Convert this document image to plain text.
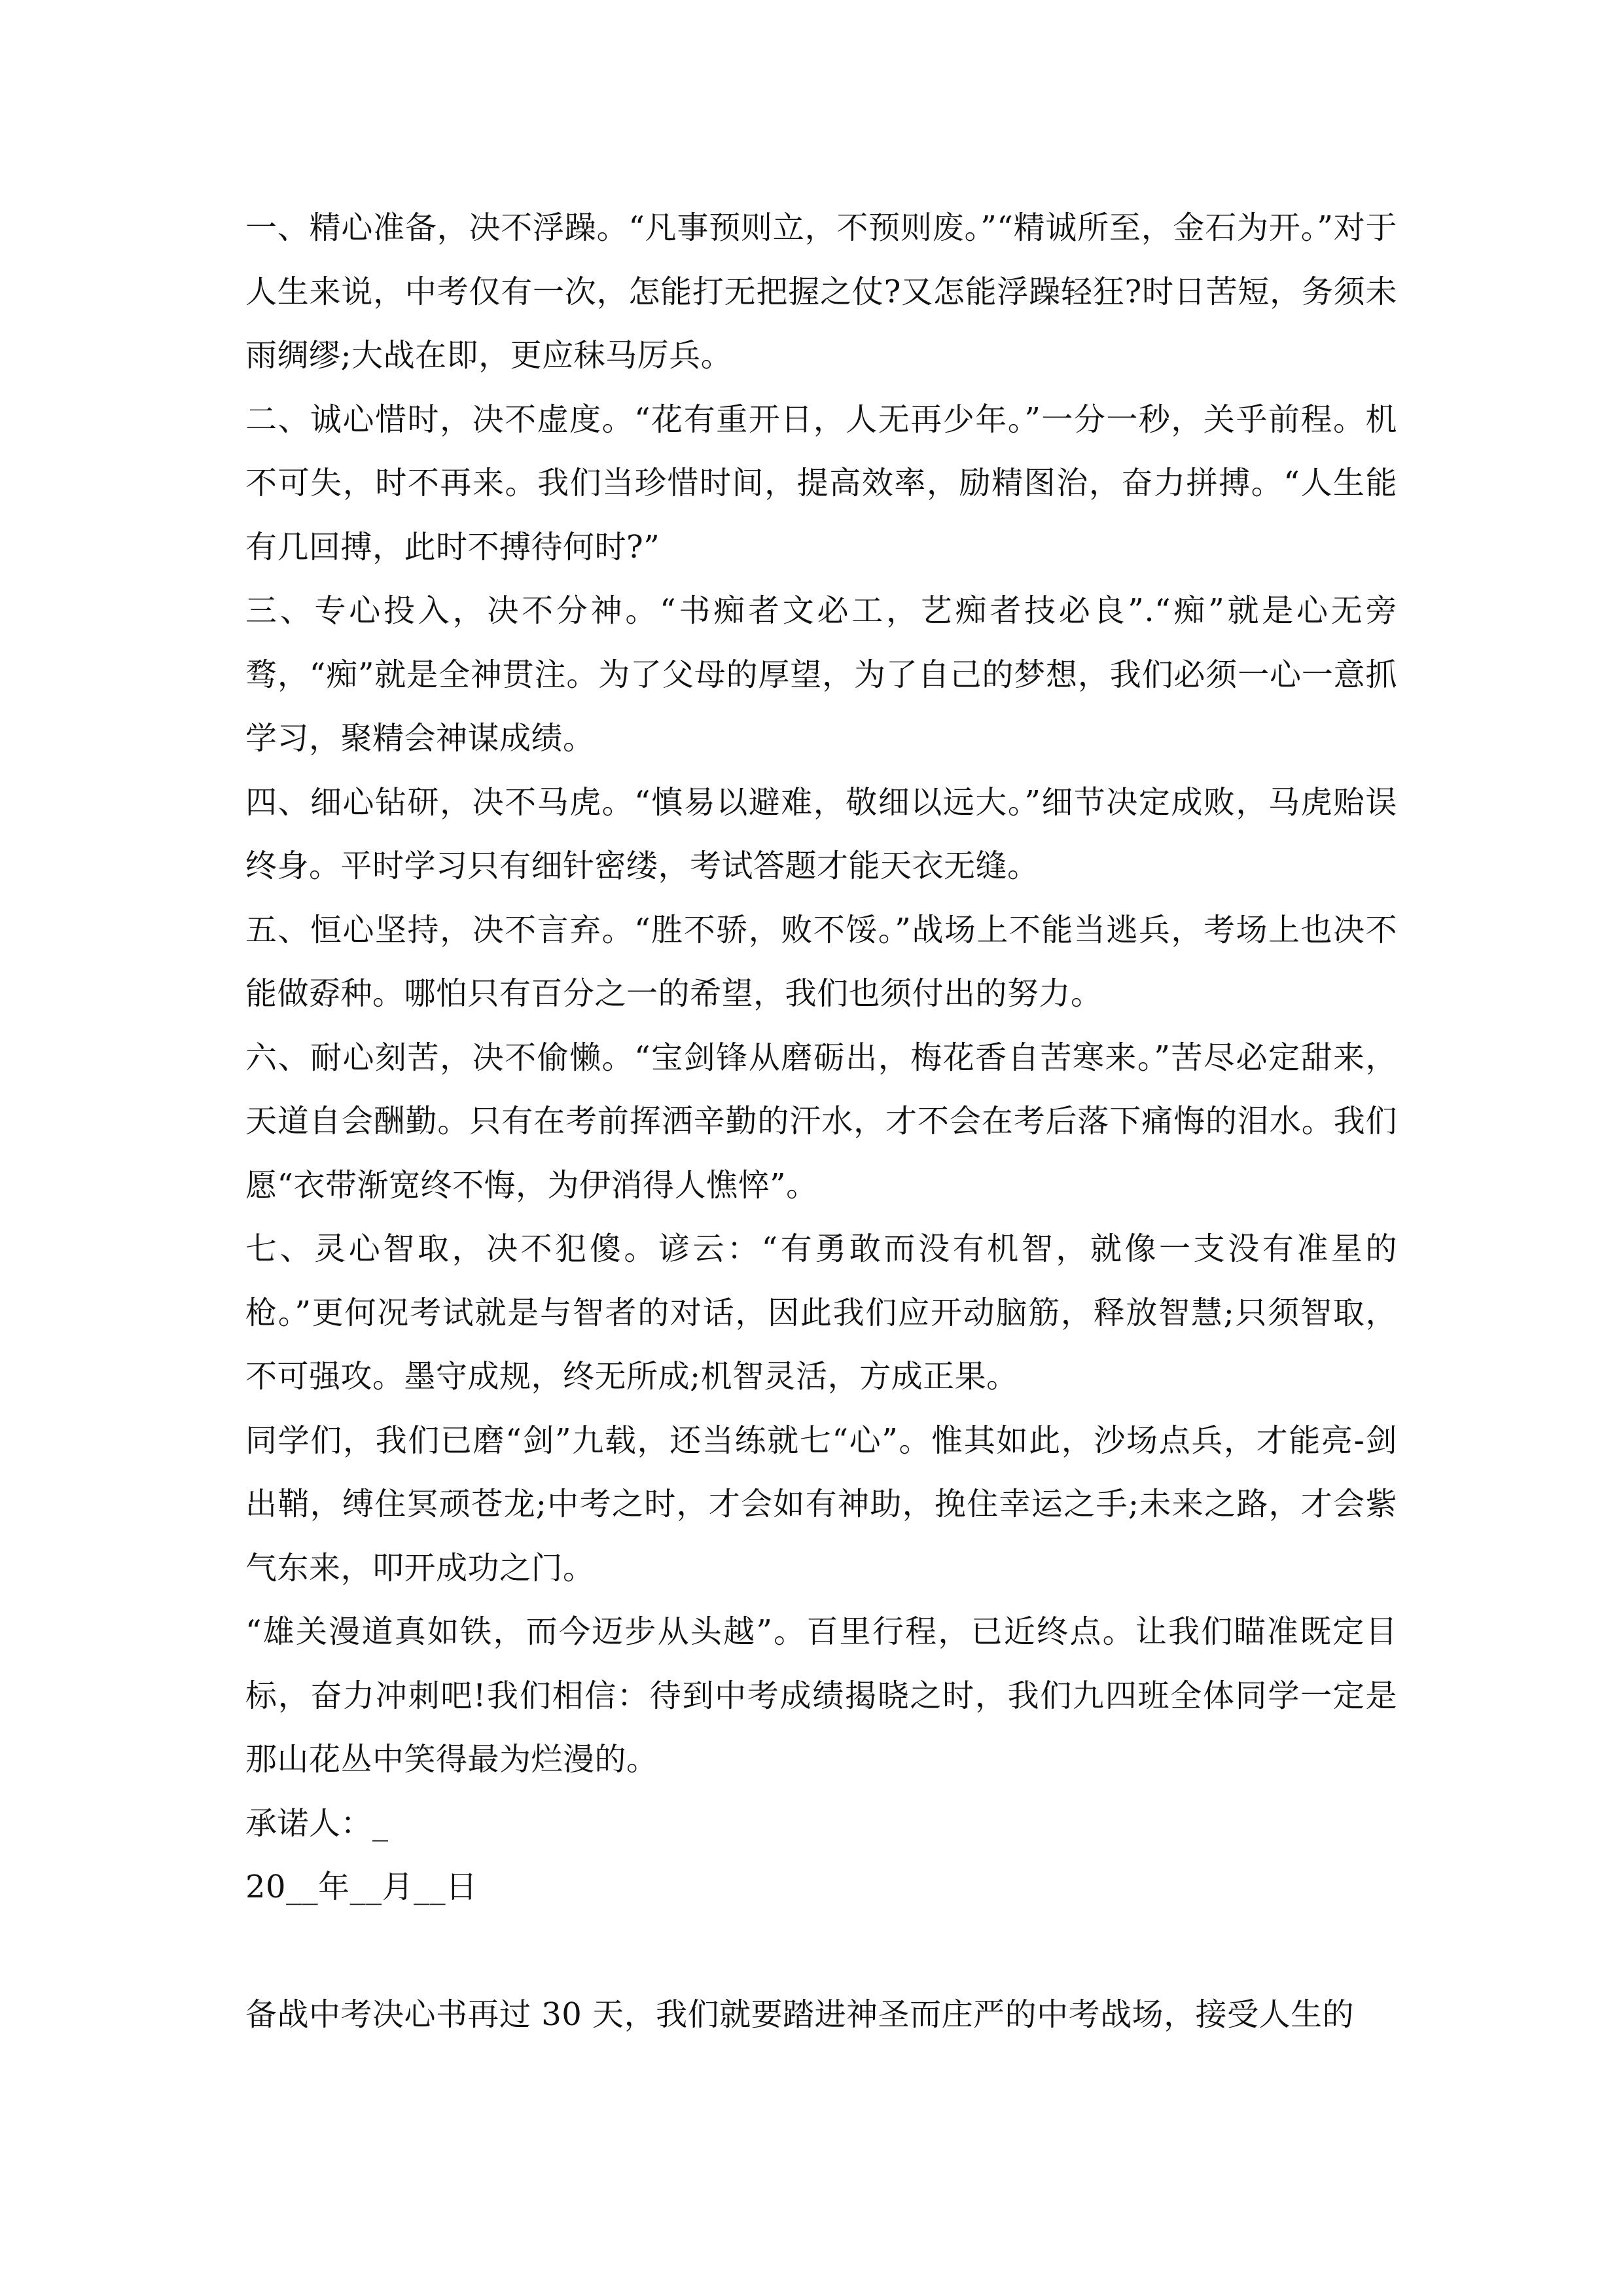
一、精心准备，决不浮躁。“凡事预则立，不预则废。”“精诚所至，金石为开。”对于人生来说，中考仅有一次，怎能打无把握之仗?又怎能浮躁轻狂?时日苦短，务须未雨绸缪;大战在即，更应秣马厉兵。

二、诚心惜时，决不虚度。“花有重开日，人无再少年。”一分一秒，关乎前程。机不可失，时不再来。我们当珍惜时间，提高效率，励精图治，奋力拼搏。“人生能有几回搏，此时不搏待何时?”

三、专心投入，决不分神。“书痴者文必工，艺痴者技必良”.“痴”就是心无旁骛，“痴”就是全神贯注。为了父母的厚望，为了自己的梦想，我们必须一心一意抓学习，聚精会神谋成绩。

四、细心钻研，决不马虎。“慎易以避难，敬细以远大。”细节决定成败，马虎贻误终身。平时学习只有细针密缕，考试答题才能天衣无缝。

五、恒心坚持，决不言弃。“胜不骄，败不馁。”战场上不能当逃兵，考场上也决不能做孬种。哪怕只有百分之一的希望，我们也须付出的努力。

六、耐心刻苦，决不偷懒。“宝剑锋从磨砺出，梅花香自苦寒来。”苦尽必定甜来，天道自会酬勤。只有在考前挥洒辛勤的汗水，才不会在考后落下痛悔的泪水。我们愿“衣带渐宽终不悔，为伊消得人憔悴”。

七、灵心智取，决不犯傻。谚云：“有勇敢而没有机智，就像一支没有准星的枪。”更何况考试就是与智者的对话，因此我们应开动脑筋，释放智慧;只须智取，不可强攻。墨守成规，终无所成;机智灵活，方成正果。

同学们，我们已磨“剑”九载，还当练就七“心”。惟其如此，沙场点兵，才能亮-剑出鞘，缚住冥顽苍龙;中考之时，才会如有神助，挽住幸运之手;未来之路，才会紫气东来，叩开成功之门。

“雄关漫道真如铁，而今迈步从头越”。百里行程，已近终点。让我们瞄准既定目标，奋力冲刺吧!我们相信：待到中考成绩揭晓之时，我们九四班全体同学一定是那山花丛中笑得最为烂漫的。

承诺人：_

20__年__月__日

备战中考决心书再过 30 天，我们就要踏进神圣而庄严的中考战场，接受人生的
